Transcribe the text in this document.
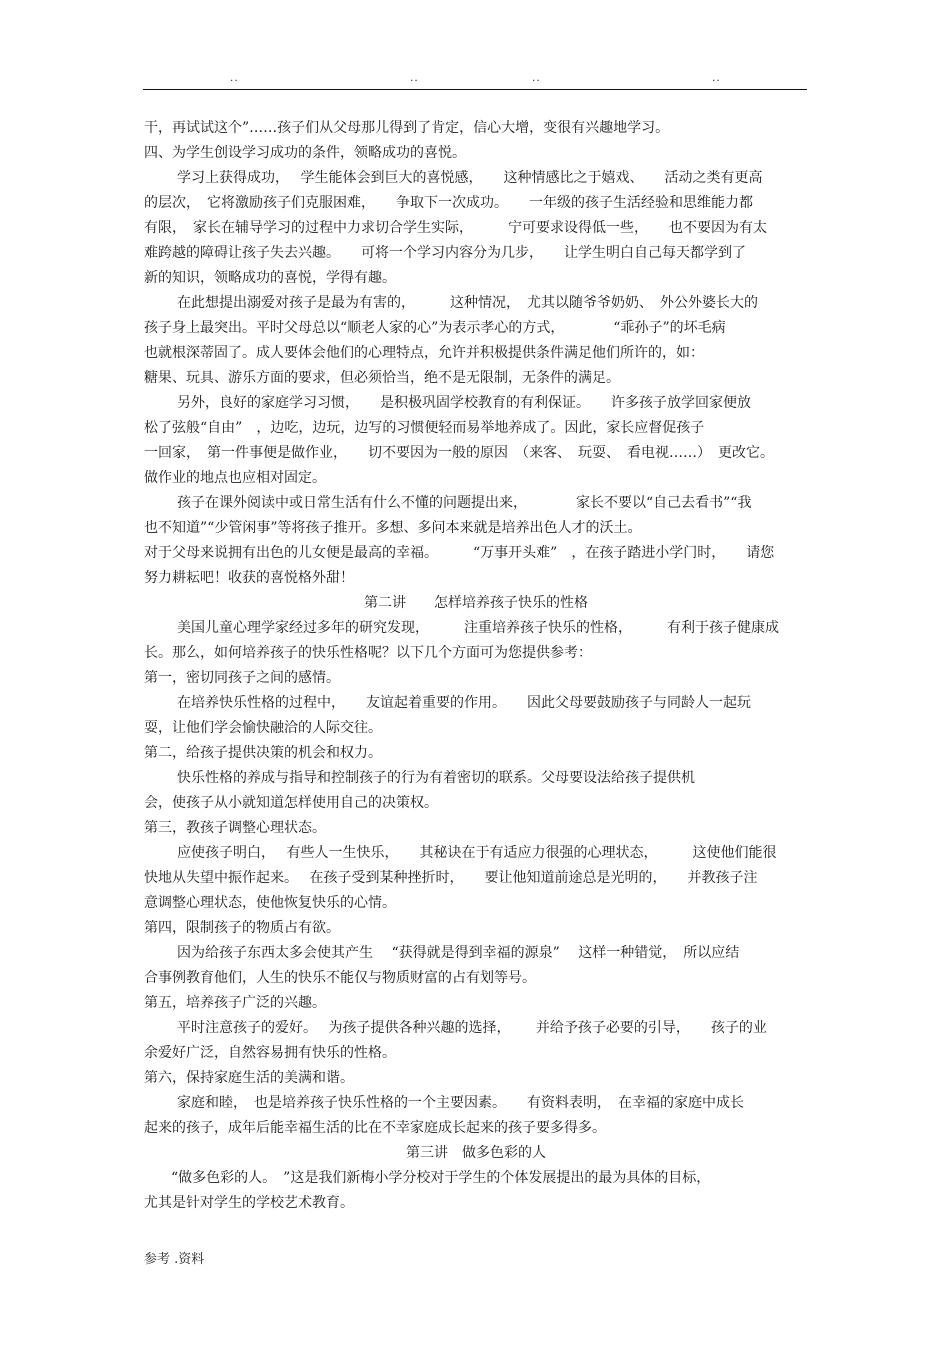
..	..	..	..
干，再试试这个”……孩子们从父母那儿得到了肯定，信心大增，变很有兴趣地学习。
四、为学生创设学习成功的条件，领略成功的喜悦。
学习上获得成功，　 学生能体会到巨大的喜悦感，　　这种情感比之于嬉戏、　　活动之类有更高
的层次，　它将激励孩子们克服困难，　　争取下一次成功。　　一年级的孩子生活经验和思维能力都
有限，　家长在辅导学习的过程中力求切合学生实际，　　　宁可要求设得低一些，　　也不要因为有太
难跨越的障碍让孩子失去兴趣。　　可将一个学习内容分为几步，　　让学生明白自己每天都学到了
新的知识，领略成功的喜悦，学得有趣。
在此想提出溺爱对孩子是最为有害的，　　　这种情况，　尤其以随爷爷奶奶、　外公外婆长大的
孩子身上最突出。平时父母总以“顺老人家的心”为表示孝心的方式，　　　　“乖孙子”的坏毛病
也就根深蒂固了。成人要体会他们的心理特点，允许并积极提供条件满足他们所许的，如：
糖果、玩具、游乐方面的要求，但必须恰当，绝不是无限制，无条件的满足。
另外，良好的家庭学习习惯，　　是积极巩固学校教育的有利保证。　　许多孩子放学回家便放
松了弦般“自由”　，边吃，边玩，边写的习惯便轻而易举地养成了。因此，家长应督促孩子
一回家，　第一件事便是做作业，　　切不要因为一般的原因　（来客、　玩耍、　看电视……）　更改它。
做作业的地点也应相对固定。
孩子在课外阅读中或日常生活有什么不懂的问题提出来，　　　　家长不要以“自己去看书”“我
也不知道”“少管闲事”等将孩子推开。多想、多问本来就是培养出色人才的沃土。
对于父母来说拥有出色的儿女便是最高的幸福。　　　“万事开头难”　，在孩子踏进小学门时，　　请您
努力耕耘吧！收获的喜悦格外甜！
第二讲　　怎样培养孩子快乐的性格
美国儿童心理学家经过多年的研究发现，　　　注重培养孩子快乐的性格，　　　有利于孩子健康成
长。那么，如何培养孩子的快乐性格呢？以下几个方面可为您提供参考：
第一，密切同孩子之间的感情。
在培养快乐性格的过程中，　　友谊起着重要的作用。　　因此父母要鼓励孩子与同龄人一起玩
耍，让他们学会愉快融洽的人际交往。
第二，给孩子提供决策的机会和权力。
快乐性格的养成与指导和控制孩子的行为有着密切的联系。父母要设法给孩子提供机
会，使孩子从小就知道怎样使用自己的决策权。
第三，教孩子调整心理状态。
应使孩子明白，　 有些人一生快乐，　　其秘诀在于有适应力很强的心理状态，　　　这使他们能很
快地从失望中振作起来。　 在孩子受到某种挫折时，　　要让他知道前途总是光明的，　　并教孩子注
意调整心理状态，使他恢复快乐的心情。
第四，限制孩子的物质占有欲。
因为给孩子东西太多会使其产生　 “获得就是得到幸福的源泉”　 这样一种错觉，　所以应结
合事例教育他们，人生的快乐不能仅与物质财富的占有划等号。
第五，培养孩子广泛的兴趣。
平时注意孩子的爱好。　 为孩子提供各种兴趣的选择，　　 并给予孩子必要的引导，　　孩子的业
余爱好广泛，自然容易拥有快乐的性格。
第六，保持家庭生活的美满和谐。
家庭和睦，　也是培养孩子快乐性格的一个主要因素。　　有资料表明，　在幸福的家庭中成长
起来的孩子，成年后能幸福生活的比在不幸家庭成长起来的孩子要多得多。
第三讲　做多色彩的人
“做多色彩的人。　”这是我们新梅小学分校对于学生的个体发展提出的最为具体的目标，
尤其是针对学生的学校艺术教育。
参考 .资料
